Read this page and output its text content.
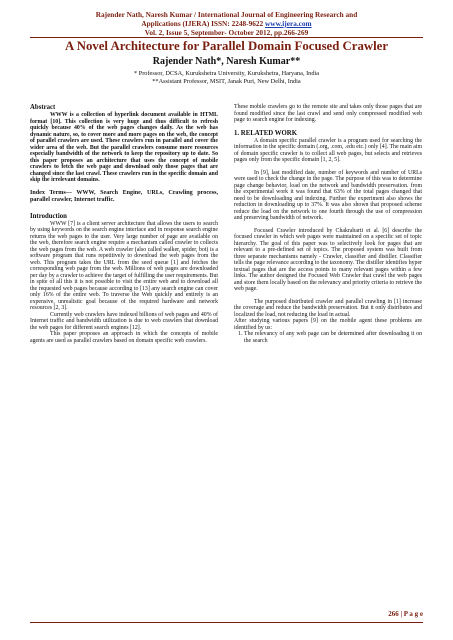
Rajender Nath, Naresh Kumar / International Journal of Engineering Research and
Applications (IJERA) ISSN: 2248-9622 www.ijera.com
Vol. 2, Issue 5, September- October 2012, pp.266-269
A Novel Architecture for Parallel Domain Focused Crawler
Rajender Nath*, Naresh Kumar**
* Professor, DCSA, Kurukshetra University, Kurukshetra, Haryana, India
**Assistant Professor, MSIT, Janak Puri, New Delhi, India

Abstract

WWW is a collection of hyperlink document available in HTML format [10]. This collection is very huge and thus difficult to refresh quickly because 40% of the web pages changes daily. As the web has dynamic nature, so, to cover more and more pages on the web, the concept of parallel crawlers are used. These crawlers run in parallel and cover the wider area of the web. But the parallel crawlers consume more resources especially bandwidth of the network to keep the repository up to date. So this paper proposes an architecture that uses the concept of mobile crawlers to fetch the web page and download only those pages that are changed since the last crawl. These crawlers run in the specific domain and skip the irrelevant domains.

Index Terms— WWW, Search Engine, URLs, Crawling process, parallel crawler, Internet traffic.

Introduction

WWW [7] is a client server architecture that allows the users to search by using keywords on the search engine interface and in response search engine returns the web pages to the user. Very large number of page are available on the web, therefore search engine require a mechanism called crawler to collects the web pages from the web. A web crawler (also called walker, spider, bot) is a software program that runs repetitively to download the web pages from the web. This program takes the URL from the seed queue [1] and fetches the corresponding web page from the web. Millions of web pages are downloaded per day by a crawler to achieve the target of fulfilling the user requirements. But in spite of all this it is not possible to visit the entire web and to download all the requested web pages because according to [13] any search engine can cover only 16% of the entire web. To traverse the Web quickly and entirely is an expensive, unrealistic goal because of the required hardware and network resources [2, 3].

Currently web crawlers have indexed billions of web pages and 40% of Internet traffic and bandwidth utilization is due to web crawlers that download the web pages for different search engines [12].

This paper proposes an approach in which the concepts of mobile agents are used as parallel crawlers based on domain specific web crawlers.

These mobile crawlers go to the remote site and takes only those pages that are found modified since the last crawl and send only compressed modified web page to search engine for indexing.

1. RELATED WORK

A domain specific parallel crawler is a program used for searching the information in the specific domain (.org, .com, .edu etc.) only [4]. The main aim of domain specific crawler is to collect all web pages, but selects and retrieves pages only from the specific domain [1, 2, 5].

In [9], last modified date, number of keywords and number of URLs were used to check the change in the page. The purpose of this was to determine page change behavior, load on the network and bandwidth preservation. from the experimental work it was found that 63% of the total pages changed that need to be downloading and indexing. Further the experiment also shows the reduction in downloading up to 37%. It was also shown that proposed scheme reduce the load on the network to one fourth through the use of compression and preserving bandwidth of network.

Focused Crawler introduced by Chakrabarti et al. [6] describe the focused crawler in which web pages were maintained on a specific set of topic hierarchy. The goal of this paper was to selectively look for pages that are relevant to a pre-defined set of topics. The proposed system was built from three separate mechanisms namely - Crawler, classifier and distiller. Classifier tells the page relevance according to the taxonomy. The distiller identifies hyper textual pages that are the access points to many relevant pages within a few links. The author designed the Focused Web Crawler that crawl the web pages and store them locally based on the relevancy and priority criteria to retrieve the web page.

The purposed distributed crawler and parallel crawling in [1] increase the coverage and reduce the bandwidth preservation. But it only distributes and localized the load, not reducing the load in actual.

After studying various papers [9] on the mobile agent these problems are identified by us:

1. The relevancy of any web page can be determined after downloading it on the search
266 | P a g e
